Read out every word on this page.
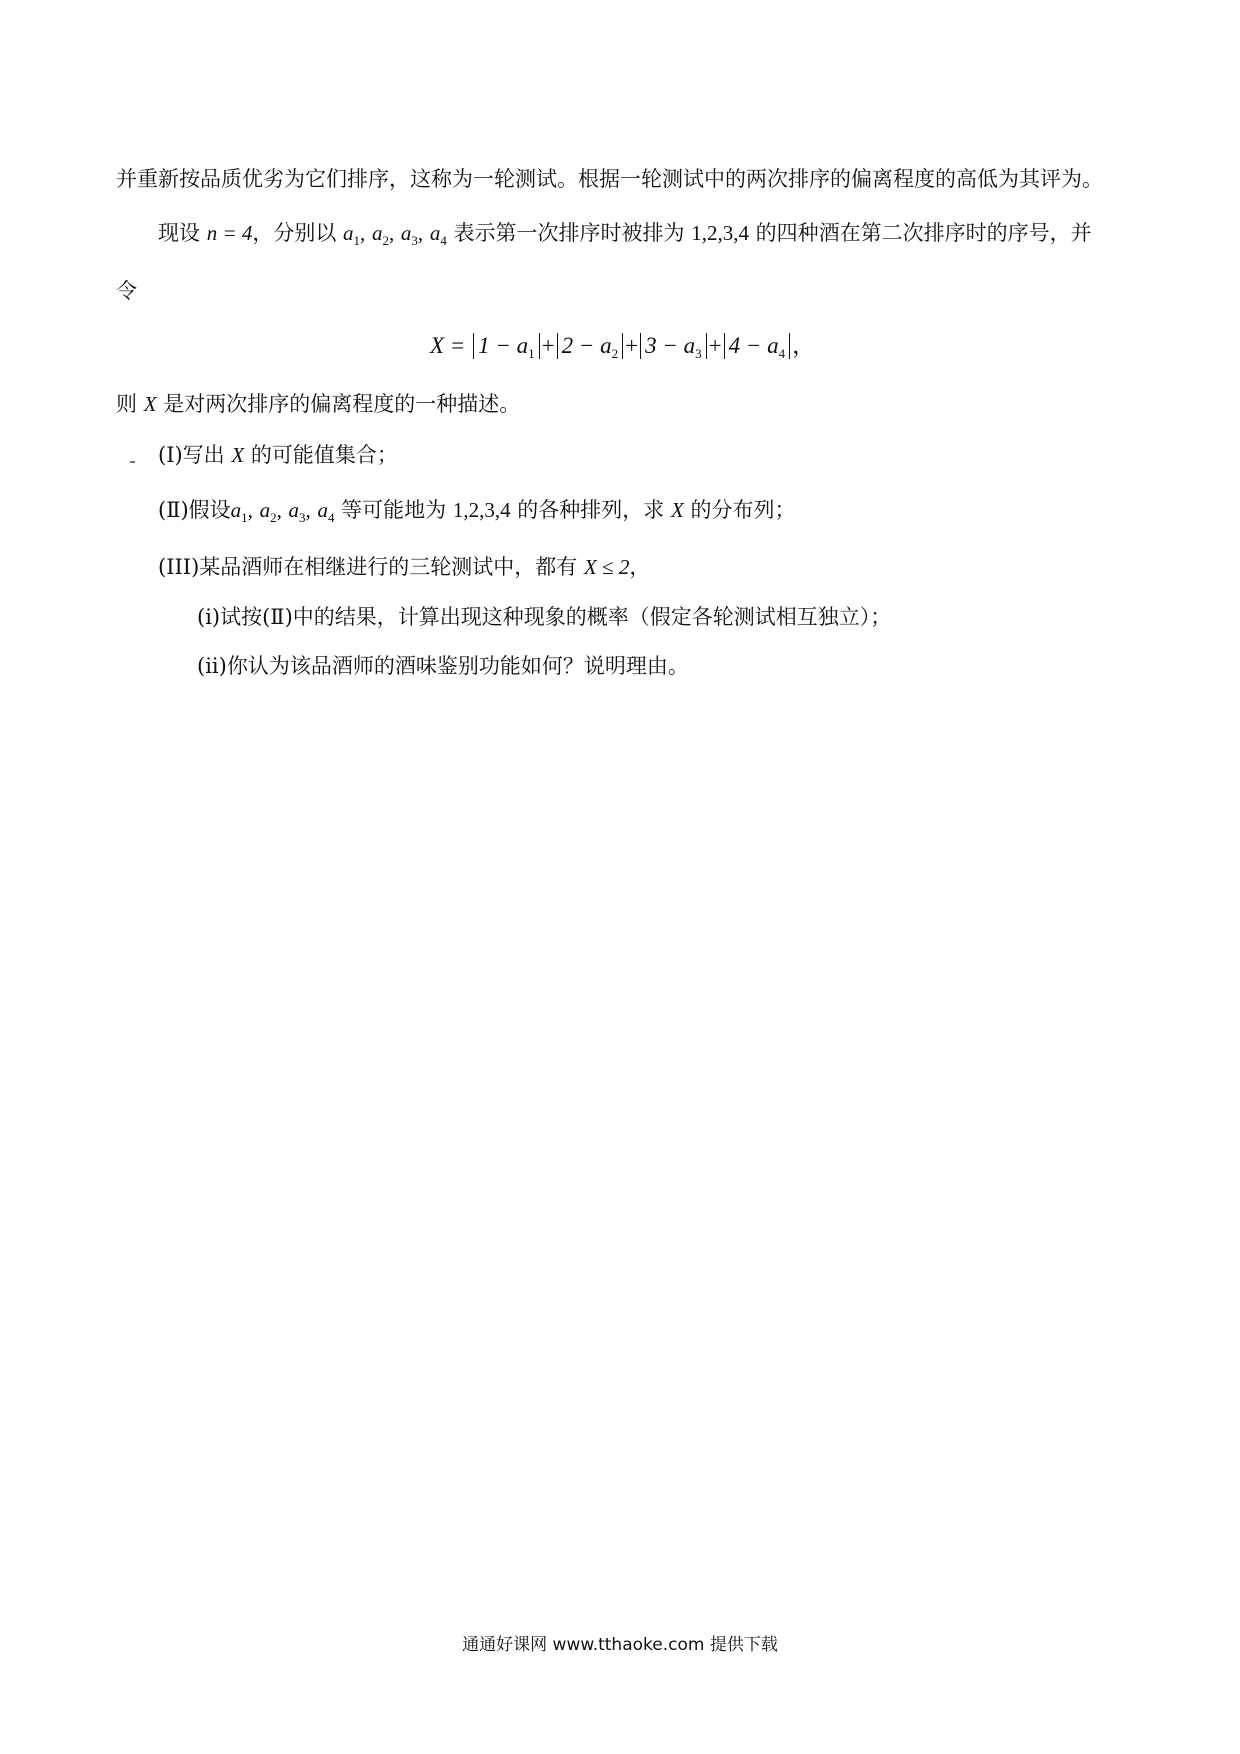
并重新按品质优劣为它们排序，这称为一轮测试。根据一轮测试中的两次排序的偏离程度的高低为其评为。
现设 n = 4，分别以 $a_1$, $a_2$, $a_3$, $a_4$ 表示第一次排序时被排为 1,2,3,4 的四种酒在第二次排序时的序号，并
令
$X = 1 - a_1 + 2 - a_2 + 3 - a_3 + 4 - a_4$ ，
则 X 是对两次排序的偏离程度的一种描述。
(Ⅰ)写出 X 的可能值集合；
(Ⅱ)假设$a_1$, $a_2$, $a_3$, $a_4$ 等可能地为 1,2,3,4 的各种排列，求 X 的分布列；
(III)某品酒师在相继进行的三轮测试中，都有 X ≤ 2，
(i)试按(Ⅱ)中的结果，计算出现这种现象的概率（假定各轮测试相互独立）；
(ii)你认为该品酒师的酒味鉴别功能如何？说明理由。
通通好课网 www.tthaoke.com 提供下载
